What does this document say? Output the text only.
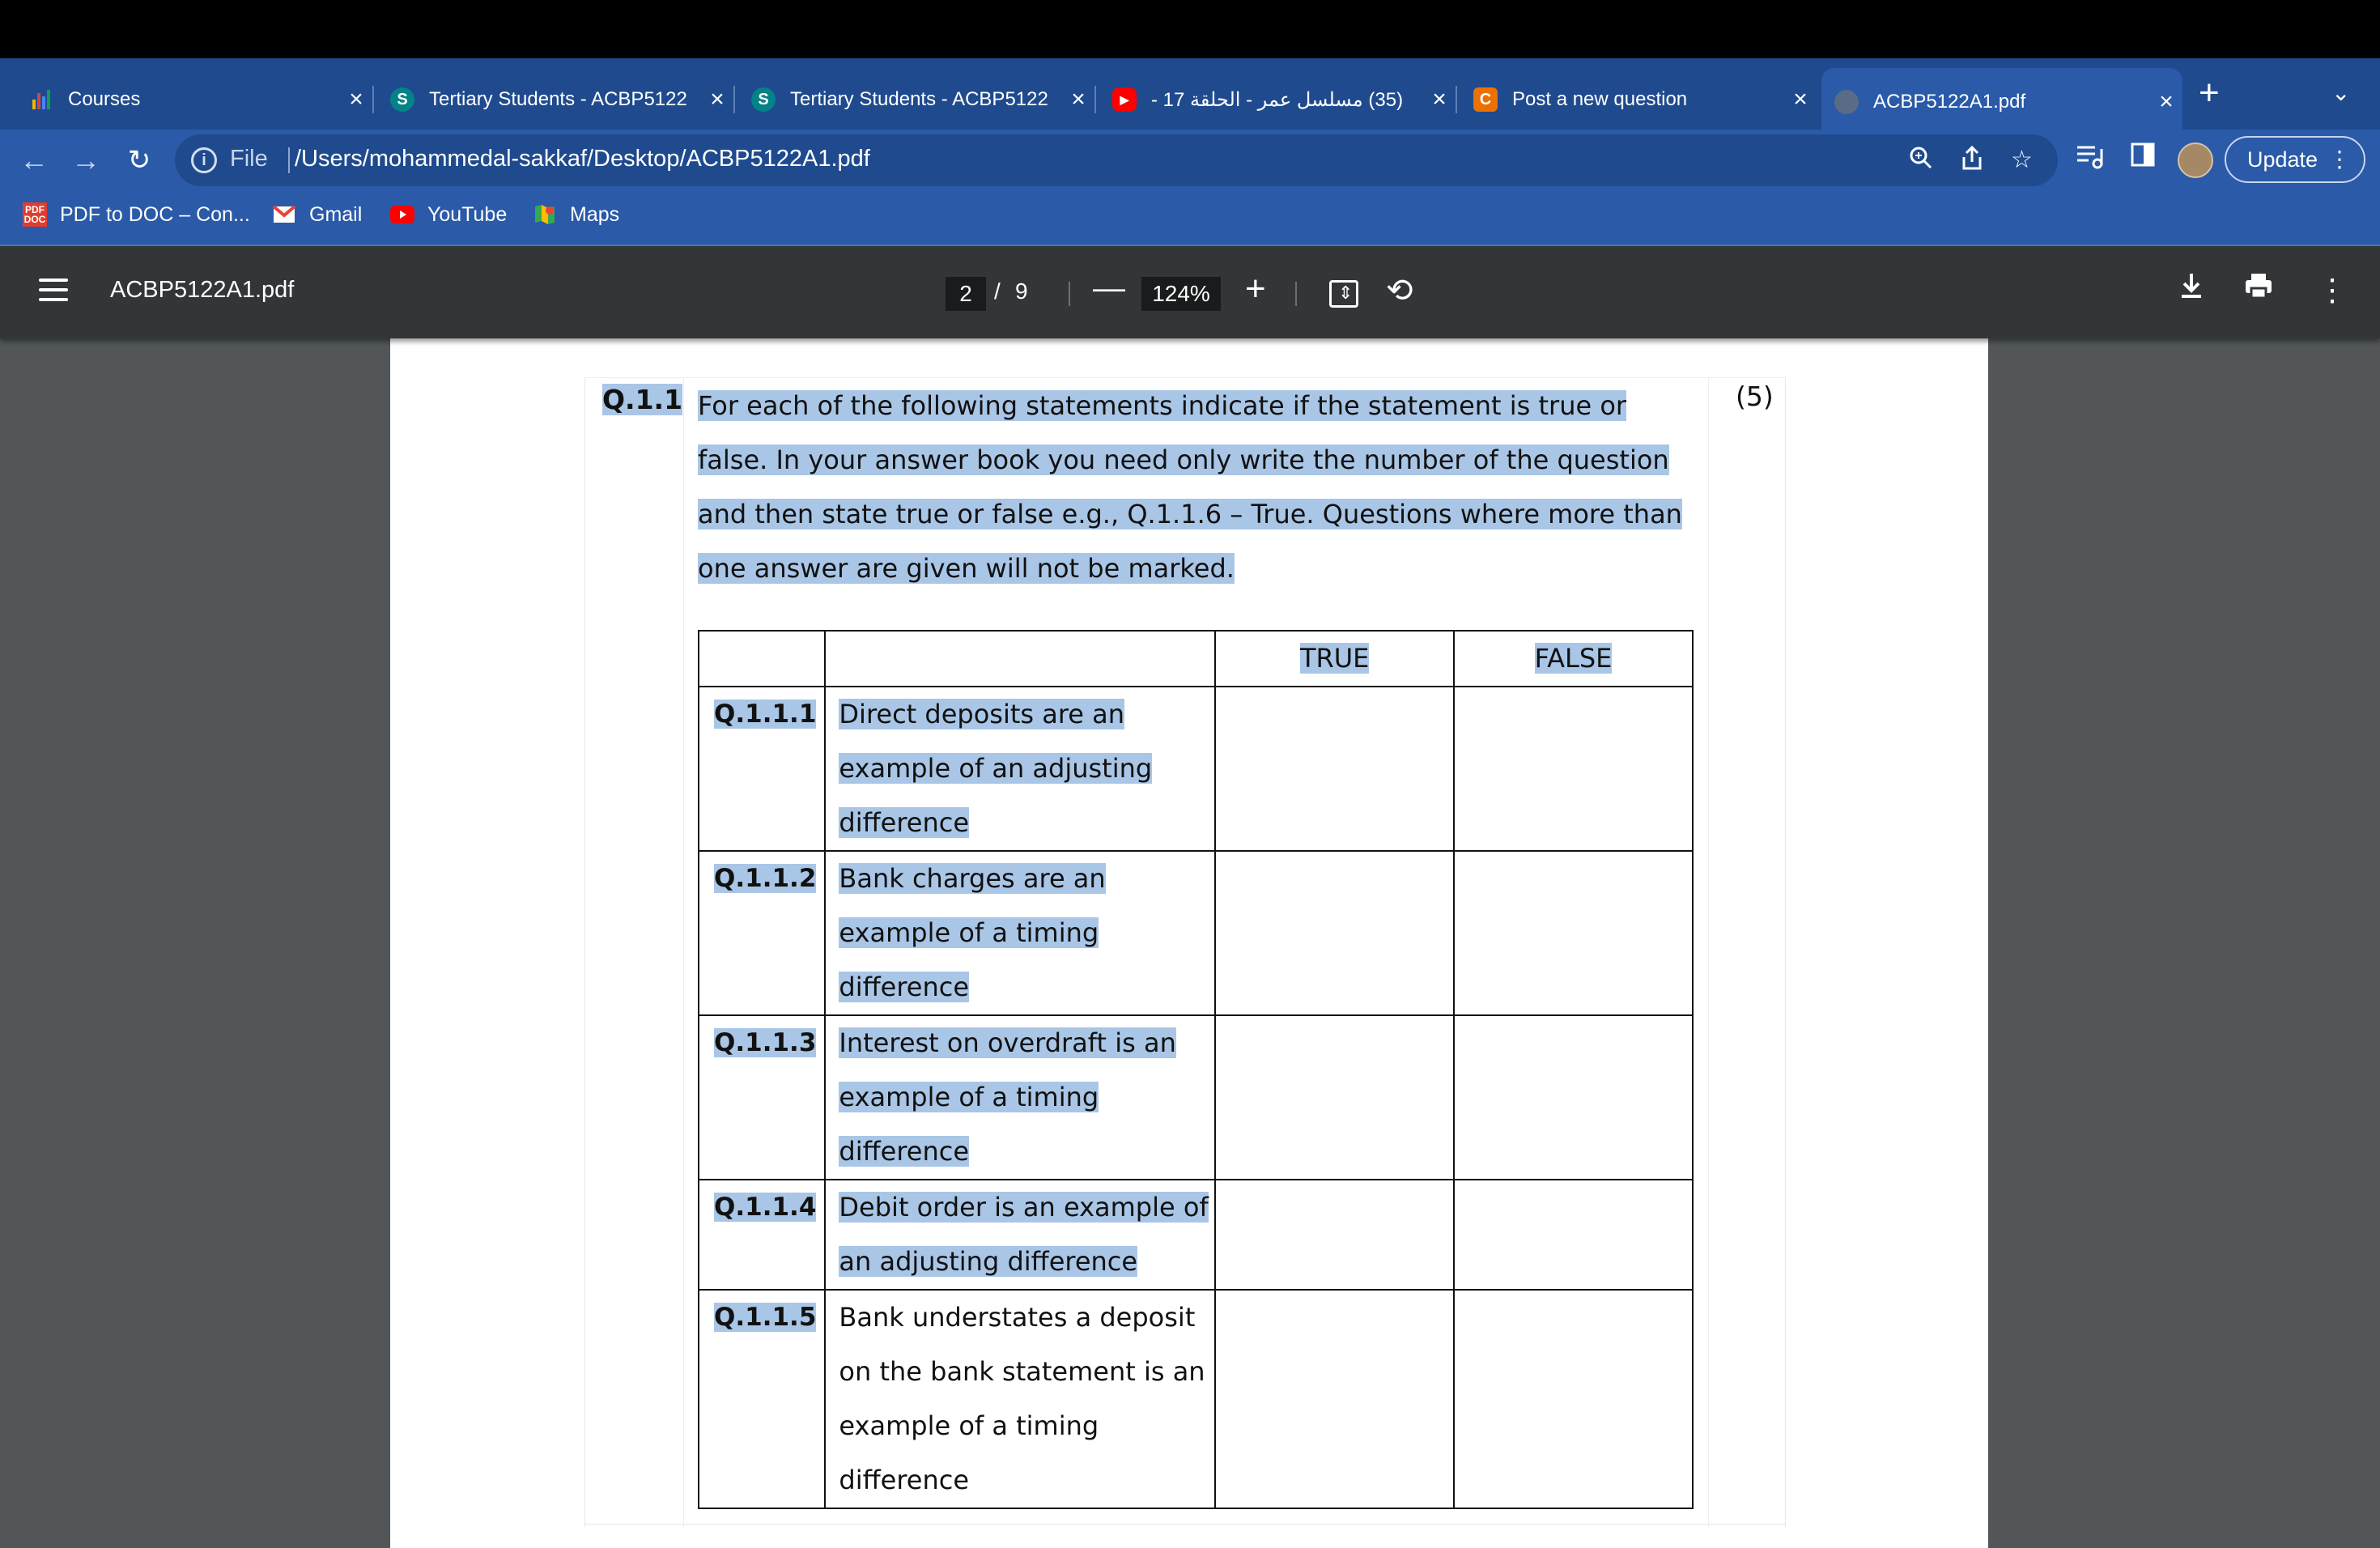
Courses	×	S	Tertiary Students - ACBP5122 ×	S	Tertiary Students - ACBP5122 ×	▶	‏(35) مسلسل عمر - الحلقة 17 -	×	C	Post a new question	×	ACBP5122A1.pdf	× +	⌄
← → ↻	i	File /Users/mohammedal-sakkaf/Desktop/ACBP5122A1.pdf	☆	Update ⋮
PDF
DOC PDF to DOC – Con...	Gmail	YouTube	Maps
ACBP5122A1.pdf	2 / 9 —	124% + ⇕	⟲	⋮
Q.1.1	(5)
For each of the following statements indicate if the statement is true or false. In your answer book you need only write the number of the question and then state true or false e.g., Q.1.1.6 – True. Questions where more than one answer are given will not be marked.
		TRUE	FALSE
Q.1.1.1	Direct deposits are an example of an adjusting difference		
Q.1.1.2	Bank charges are an example of a timing difference		
Q.1.1.3	Interest on overdraft is an example of a timing difference		
Q.1.1.4	Debit order is an example of an adjusting difference		
Q.1.1.5	Bank understates a deposit on the bank statement is an example of a timing difference		
